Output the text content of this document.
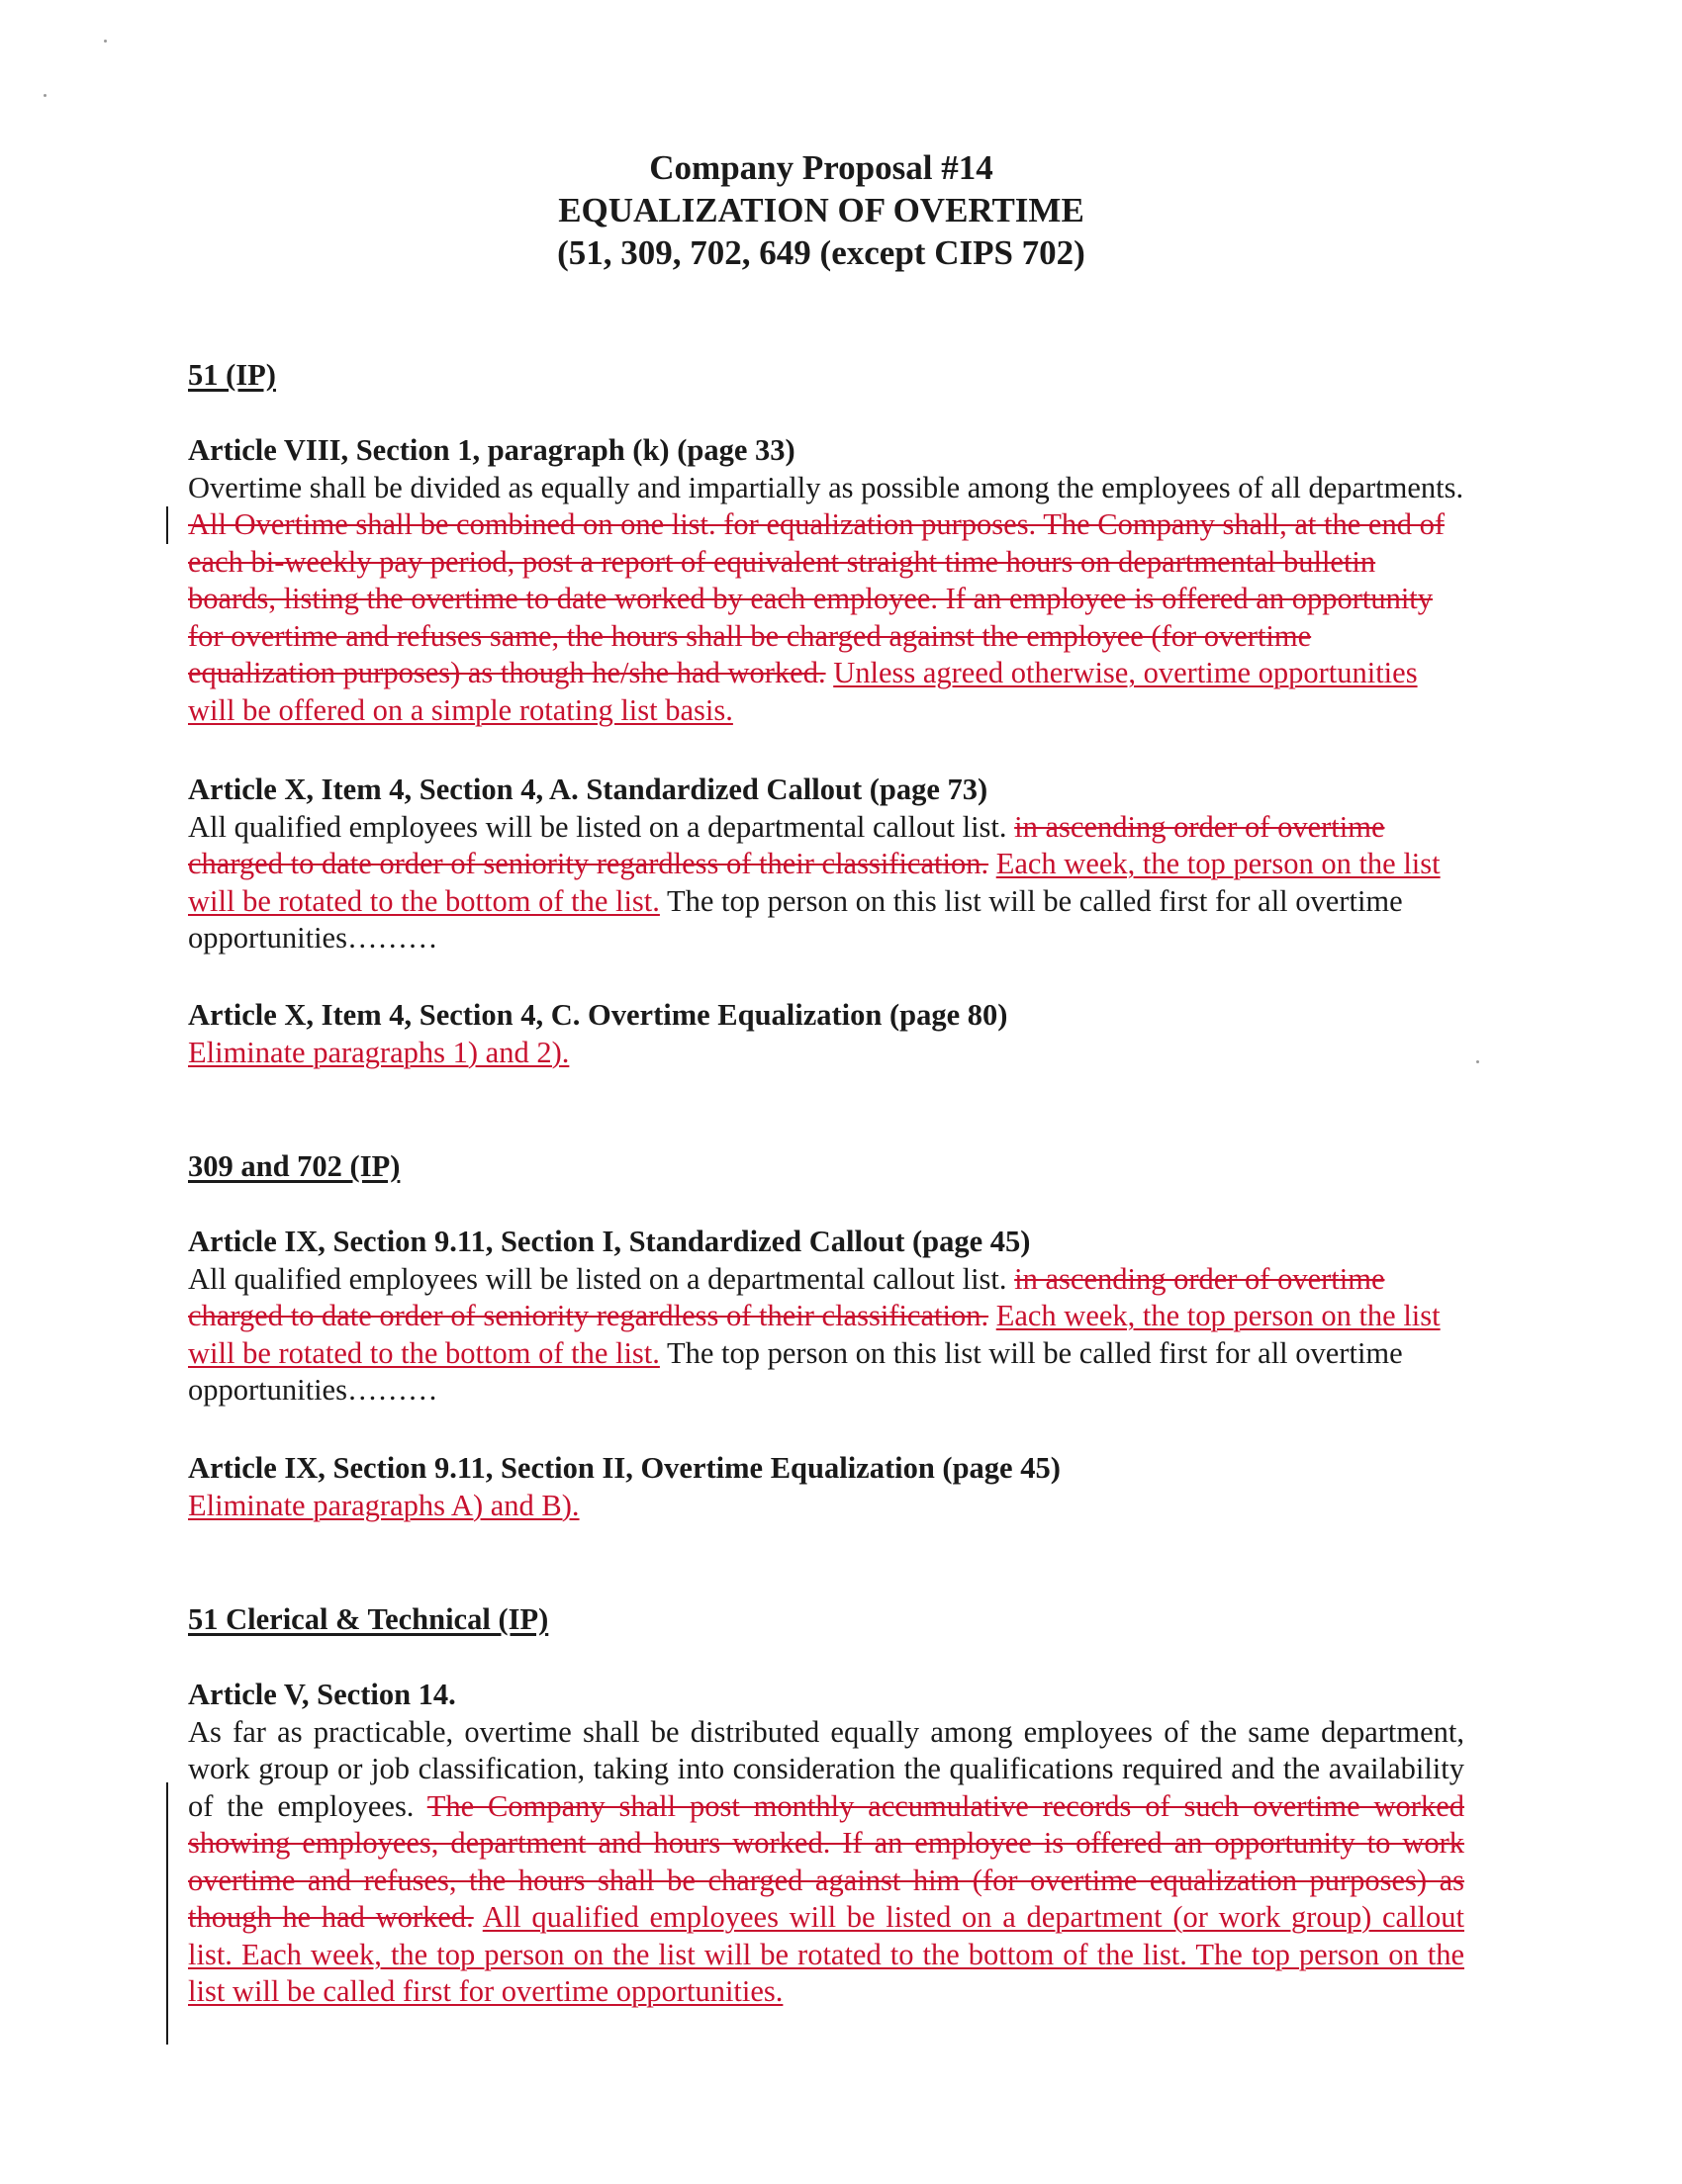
Company Proposal #14
EQUALIZATION OF OVERTIME
(51, 309, 702, 649 (except CIPS 702)
51 (IP)
Article VIII, Section 1, paragraph (k) (page 33)
Overtime shall be divided as equally and impartially as possible among the employees of all departments. All Overtime shall be combined on one list. for equalization purposes. The Company shall, at the end of each bi-weekly pay period, post a report of equivalent straight time hours on departmental bulletin boards, listing the overtime to date worked by each employee. If an employee is offered an opportunity for overtime and refuses same, the hours shall be charged against the employee (for overtime equalization purposes) as though he/she had worked. Unless agreed otherwise, overtime opportunities will be offered on a simple rotating list basis.
Article X, Item 4, Section 4, A. Standardized Callout (page 73)
All qualified employees will be listed on a departmental callout list. in ascending order of overtime charged to date order of seniority regardless of their classification. Each week, the top person on the list will be rotated to the bottom of the list. The top person on this list will be called first for all overtime opportunities………
Article X, Item 4, Section 4, C. Overtime Equalization (page 80)
Eliminate paragraphs 1) and 2).
309 and 702 (IP)
Article IX, Section 9.11, Section I, Standardized Callout (page 45)
All qualified employees will be listed on a departmental callout list. in ascending order of overtime charged to date order of seniority regardless of their classification. Each week, the top person on the list will be rotated to the bottom of the list. The top person on this list will be called first for all overtime opportunities………
Article IX, Section 9.11, Section II, Overtime Equalization (page 45)
Eliminate paragraphs A) and B).
51 Clerical & Technical (IP)
Article V, Section 14.
As far as practicable, overtime shall be distributed equally among employees of the same department, work group or job classification, taking into consideration the qualifications required and the availability of the employees. The Company shall post monthly accumulative records of such overtime worked showing employees, department and hours worked. If an employee is offered an opportunity to work overtime and refuses, the hours shall be charged against him (for overtime equalization purposes) as though he had worked. All qualified employees will be listed on a department (or work group) callout list. Each week, the top person on the list will be rotated to the bottom of the list. The top person on the list will be called first for overtime opportunities.
